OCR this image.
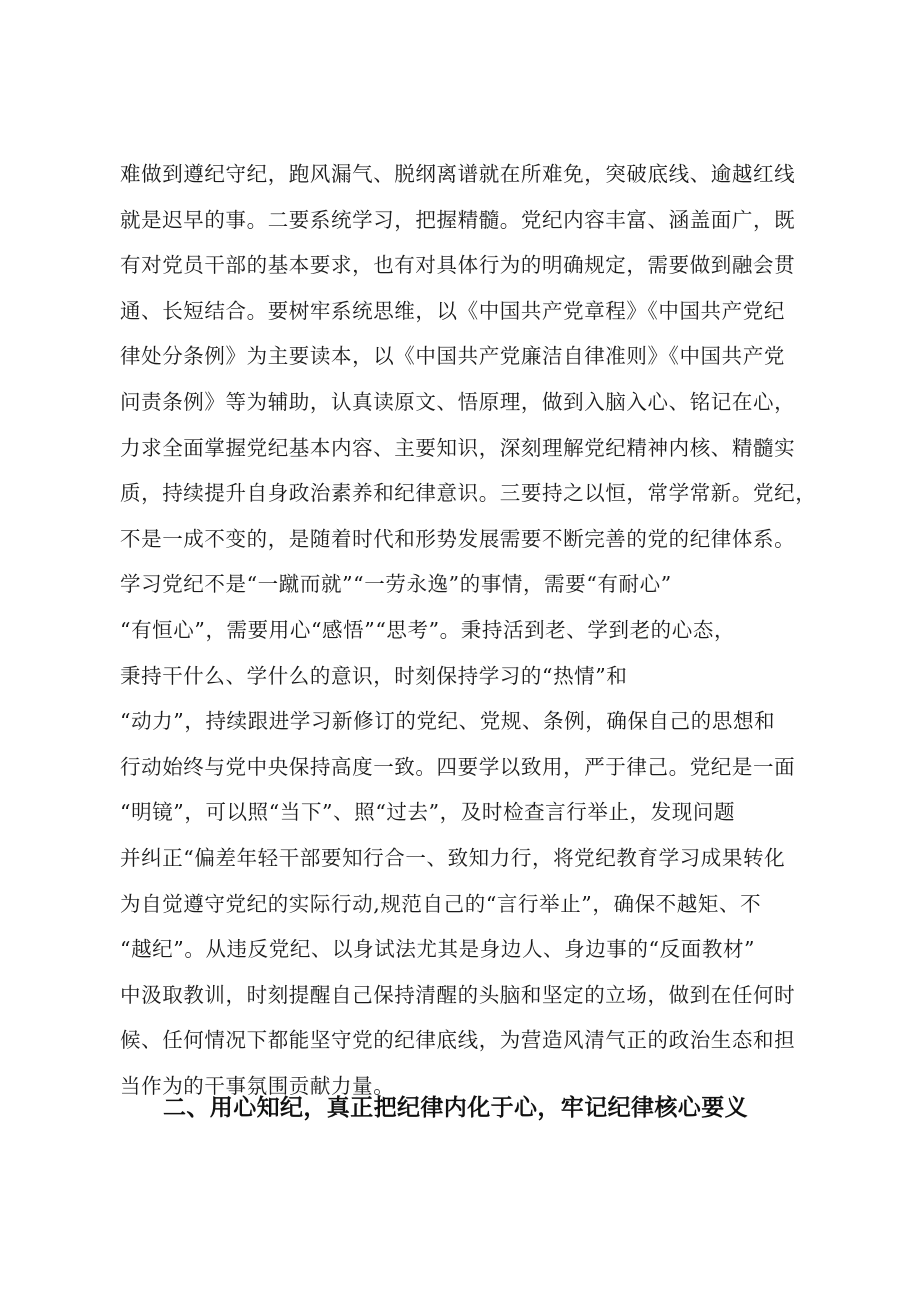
难做到遵纪守纪，跑风漏气、脱纲离谱就在所难免，突破底线、逾越红线
就是迟早的事。二要系统学习，把握精髓。党纪内容丰富、涵盖面广，既
有对党员干部的基本要求，也有对具体行为的明确规定，需要做到融会贯
通、长短结合。要树牢系统思维，以《中国共产党章程》《中国共产党纪
律处分条例》为主要读本，以《中国共产党廉洁自律准则》《中国共产党
问责条例》等为辅助，认真读原文、悟原理，做到入脑入心、铭记在心，
力求全面掌握党纪基本内容、主要知识，深刻理解党纪精神内核、精髓实
质，持续提升自身政治素养和纪律意识。三要持之以恒，常学常新。党纪，
不是一成不变的，是随着时代和形势发展需要不断完善的党的纪律体系。
学习党纪不是“一蹴而就”“一劳永逸”的事情，需要“有耐心”
“有恒心”，需要用心“感悟”“思考”。秉持活到老、学到老的心态，
秉持干什么、学什么的意识，时刻保持学习的“热情”和
“动力”，持续跟进学习新修订的党纪、党规、条例，确保自己的思想和
行动始终与党中央保持高度一致。四要学以致用，严于律己。党纪是一面
“明镜”，可以照“当下”、照“过去”，及时检查言行举止，发现问题
并纠正“偏差年轻干部要知行合一、致知力行，将党纪教育学习成果转化
为自觉遵守党纪的实际行动,规范自己的“言行举止”，确保不越矩、不
“越纪”。从违反党纪、以身试法尤其是身边人、身边事的“反面教材”
中汲取教训，时刻提醒自己保持清醒的头脑和坚定的立场，做到在任何时
候、任何情况下都能坚守党的纪律底线，为营造风清气正的政治生态和担
当作为的干事氛围贡献力量。
二、用心知纪，真正把纪律内化于心，牢记纪律核心要义
